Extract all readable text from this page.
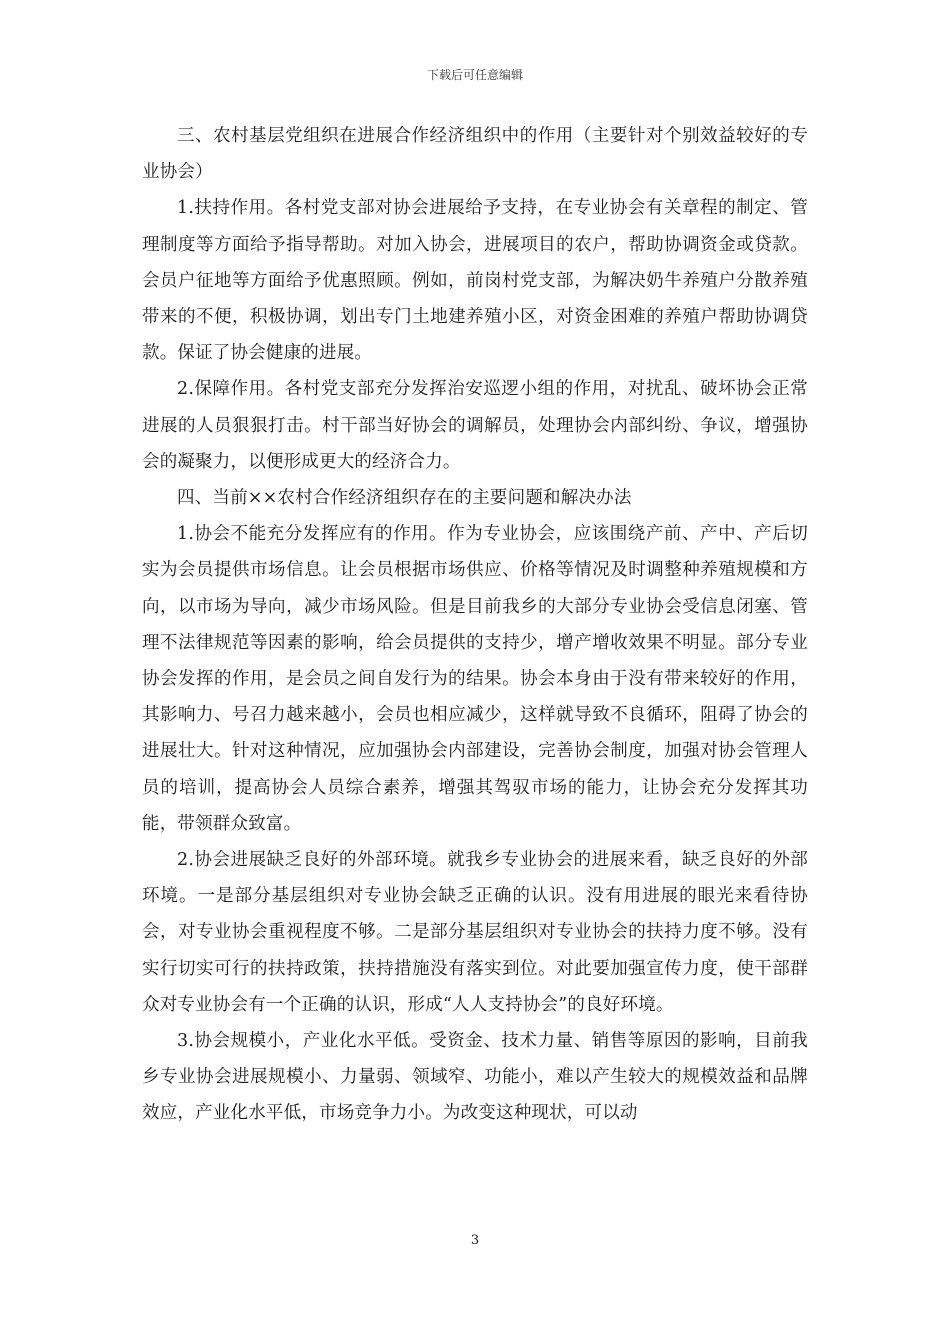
下载后可任意编辑

三、农村基层党组织在进展合作经济组织中的作用（主要针对个别效益较好的专业协会）

1.扶持作用。各村党支部对协会进展给予支持，在专业协会有关章程的制定、管理制度等方面给予指导帮助。对加入协会，进展项目的农户，帮助协调资金或贷款。会员户征地等方面给予优惠照顾。例如，前岗村党支部，为解决奶牛养殖户分散养殖带来的不便，积极协调，划出专门土地建养殖小区，对资金困难的养殖户帮助协调贷款。保证了协会健康的进展。

2.保障作用。各村党支部充分发挥治安巡逻小组的作用，对扰乱、破坏协会正常进展的人员狠狠打击。村干部当好协会的调解员，处理协会内部纠纷、争议，增强协会的凝聚力，以便形成更大的经济合力。

四、当前××农村合作经济组织存在的主要问题和解决办法

1.协会不能充分发挥应有的作用。作为专业协会，应该围绕产前、产中、产后切实为会员提供市场信息。让会员根据市场供应、价格等情况及时调整种养殖规模和方向，以市场为导向，减少市场风险。但是目前我乡的大部分专业协会受信息闭塞、管理不法律规范等因素的影响，给会员提供的支持少，增产增收效果不明显。部分专业协会发挥的作用，是会员之间自发行为的结果。协会本身由于没有带来较好的作用，其影响力、号召力越来越小，会员也相应减少，这样就导致不良循环，阻碍了协会的进展壮大。针对这种情况，应加强协会内部建设，完善协会制度，加强对协会管理人员的培训，提高协会人员综合素养，增强其驾驭市场的能力，让协会充分发挥其功能，带领群众致富。

2.协会进展缺乏良好的外部环境。就我乡专业协会的进展来看，缺乏良好的外部环境。一是部分基层组织对专业协会缺乏正确的认识。没有用进展的眼光来看待协会，对专业协会重视程度不够。二是部分基层组织对专业协会的扶持力度不够。没有实行切实可行的扶持政策，扶持措施没有落实到位。对此要加强宣传力度，使干部群众对专业协会有一个正确的认识，形成“人人支持协会”的良好环境。

3.协会规模小，产业化水平低。受资金、技术力量、销售等原因的影响，目前我乡专业协会进展规模小、力量弱、领域窄、功能小，难以产生较大的规模效益和品牌效应，产业化水平低，市场竞争力小。为改变这种现状，可以动

3
